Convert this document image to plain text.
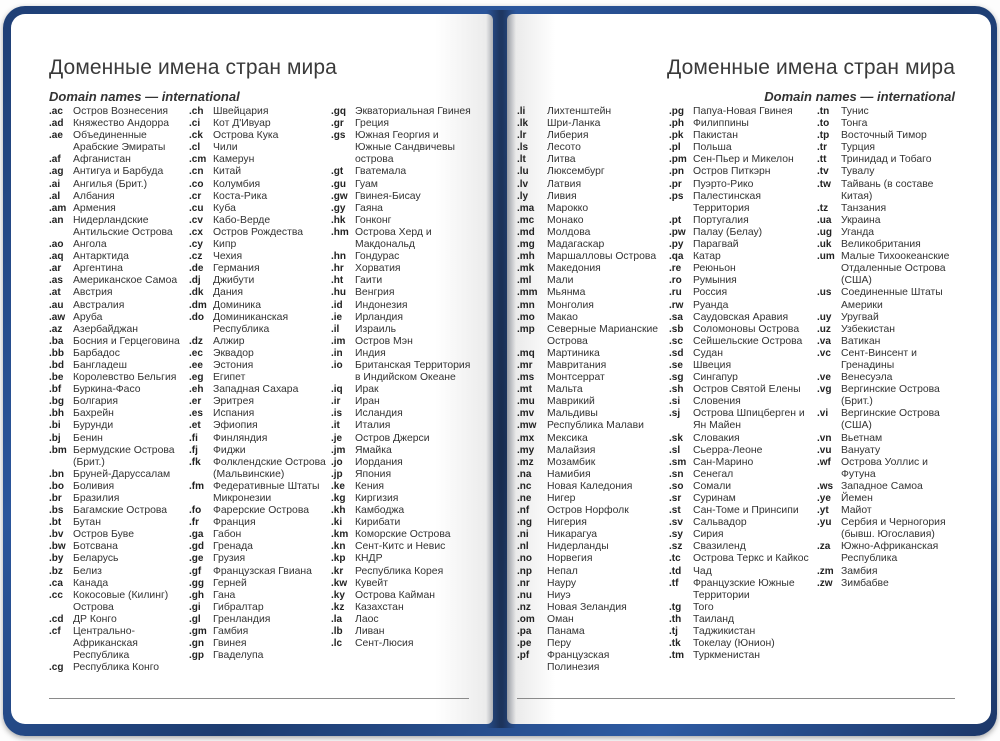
Доменные имена стран мира
Domain names — international
.ac Остров Вознесения
.ad Княжество Андорра
.ae Объединенные Арабские Эмираты
.af	Афганистан
.ag Антигуа и Барбуда
.ai	Ангилья (Брит.)
.al	Албания
.am Армения
.an Нидерландские Антильские Острова
.ao Ангола
.aq Антарктида
.ar	Аргентина
.as Американское Самоа
.at	Австрия
.au Австралия
.aw Аруба
.az	Азербайджан
.ba Босния и Герцеговина
.bb Барбадос
.bd Бангладеш
.be Королевство Бельгия
.bf	Буркина-Фасо
.bg Болгария
.bh Бахрейн
.bi	Бурунди
.bj	Бенин
.bm Бермудские Острова (Брит.)
.bn Бруней-Даруссалам
.bo Боливия
.br	Бразилия
.bs Багамские Острова
.bt	Бутан
.bv Остров Буве
.bw Ботсвана
.by Беларусь
.bz Белиз
.ca Канада
.cc Кокосовые (Килинг) Острова
.cd ДР Конго
.cf	Центрально-Африканская Республика
.cg Республика Конго
.ch Швейцария
.ci	Кот Д'Ивуар
.ck Острова Кука
.cl	Чили
.cm Камерун
.cn Китай
.co Колумбия
.cr	Коста-Рика
.cu Куба
.cv Кабо-Верде
.cx Остров Рождества
.cy Кипр
.cz	Чехия
.de Германия
.dj	Джибути
.dk Дания
.dm Доминика
.do Доминиканская Республика
.dz Алжир
.ec Эквадор
.ee Эстония
.eg Египет
.eh Западная Сахара
.er	Эритрея
.es Испания
.et	Эфиопия
.fi	Финляндия
.fj	Фиджи
.fk	Фолклендские Острова (Мальвинские)
.fm Федеративные Штаты Микронезии
.fo	Фарерские Острова
.fr	Франция
.ga Габон
.gd Гренада
.ge Грузия
.gf	Французская Гвиана
.gg Герней
.gh Гана
.gi	Гибралтар
.gl	Гренландия
.gm Гамбия
.gn Гвинея
.gp Гваделупа
.gq Экваториальная Гвинея
.gr	Греция
.gs Южная Георгия и Южные Сандвичевы острова
.gt	Гватемала
.gu Гуам
.gw Гвинея-Бисау
.gy Гаяна
.hk Гонконг
.hm Острова Херд и Макдональд
.hn Гондурас
.hr	Хорватия
.ht	Гаити
.hu Венгрия
.id	Индонезия
.ie	Ирландия
.il	Израиль
.im Остров Мэн
.in	Индия
.io	Британская Территория в Индийском Океане
.iq	Ирак
.ir	Иран
.is	Исландия
.it	Италия
.je	Остров Джерси
.jm Ямайка
.jo	Иордания
.jp	Япония
.ke Кения
.kg Киргизия
.kh Камбоджа
.ki	Кирибати
.km Коморские Острова
.kn Сент-Китс и Невис
.kp КНДР
.kr	Республика Корея
.kw Кувейт
.ky Острова Кайман
.kz	Казахстан
.la	Лаос
.lb	Ливан
.lc	Сент-Люсия
Доменные имена стран мира
Domain names — international
.li	Лихтенштейн
.lk	Шри-Ланка
.lr	Либерия
.ls	Лесото
.lt	Литва
.lu	Люксембург
.lv	Латвия
.ly	Ливия
.ma	Марокко
.mc	Монако
.md	Молдова
.mg	Мадагаскар
.mh	Маршалловы Острова
.mk	Македония
.ml	Мали
.mm Мьянма
.mn	Монголия
.mo	Макао
.mp	Северные Марианские Острова
.mq	Мартиника
.mr	Мавритания
.ms	Монтсеррат
.mt	Мальта
.mu	Маврикий
.mv	Мальдивы
.mw	Республика Малави
.mx	Мексика
.my	Малайзия
.mz	Мозамбик
.na	Намибия
.nc	Новая Каледония
.ne	Нигер
.nf	Остров Норфолк
.ng	Нигерия
.ni	Никарагуа
.nl	Нидерланды
.no	Норвегия
.np	Непал
.nr	Науру
.nu	Ниуэ
.nz	Новая Зеландия
.om	Оман
.pa	Панама
.pe	Перу
.pf	Французская Полинезия
.pg Папуа-Новая Гвинея
.ph Филиппины
.pk Пакистан
.pl	Польша
.pm Сен-Пьер и Микелон
.pn Остров Питкэрн
.pr	Пуэрто-Рико
.ps Палестинская Территория
.pt	Португалия
.pw Палау (Белау)
.py Парагвай
.qa Катар
.re	Реюньон
.ro	Румыния
.ru	Россия
.rw Руанда
.sa Саудовская Аравия
.sb Соломоновы Острова
.sc Сейшельские Острова
.sd Судан
.se Швеция
.sg Сингапур
.sh Остров Святой Елены
.si	Словения
.sj	Острова Шпицберген и Ян Майен
.sk Словакия
.sl	Сьерра-Леоне
.sm Сан-Марино
.sn Сенегал
.so Сомали
.sr	Суринам
.st	Сан-Томе и Принсипи
.sv Сальвадор
.sy Сирия
.sz	Свазиленд
.tc	Острова Теркс и Кайкос
.td	Чад
.tf	Французские Южные Территории
.tg	Того
.th	Таиланд
.tj	Таджикистан
.tk	Токелау (Юнион)
.tm Туркменистан
.tn	Тунис
.to	Тонга
.tp	Восточный Тимор
.tr	Турция
.tt	Тринидад и Тобаго
.tv	Тувалу
.tw Тайвань (в составе Китая)
.tz	Танзания
.ua Украина
.ug Уганда
.uk Великобритания
.um Малые Тихоокеанские Отдаленные Острова (США)
.us Соединенные Штаты Америки
.uy Уругвай
.uz Узбекистан
.va Ватикан
.vc Сент-Винсент и Гренадины
.ve Венесуэла
.vg Вергинские Острова (Брит.)
.vi	Вергинские Острова (США)
.vn Вьетнам
.vu Вануату
.wf Острова Уоллис и Футуна
.ws Западное Самоа
.ye Йемен
.yt	Майот
.yu Сербия и Черногория (бывш. Югославия)
.za	Южно-Африканская Республика
.zm Замбия
.zw Зимбабве
